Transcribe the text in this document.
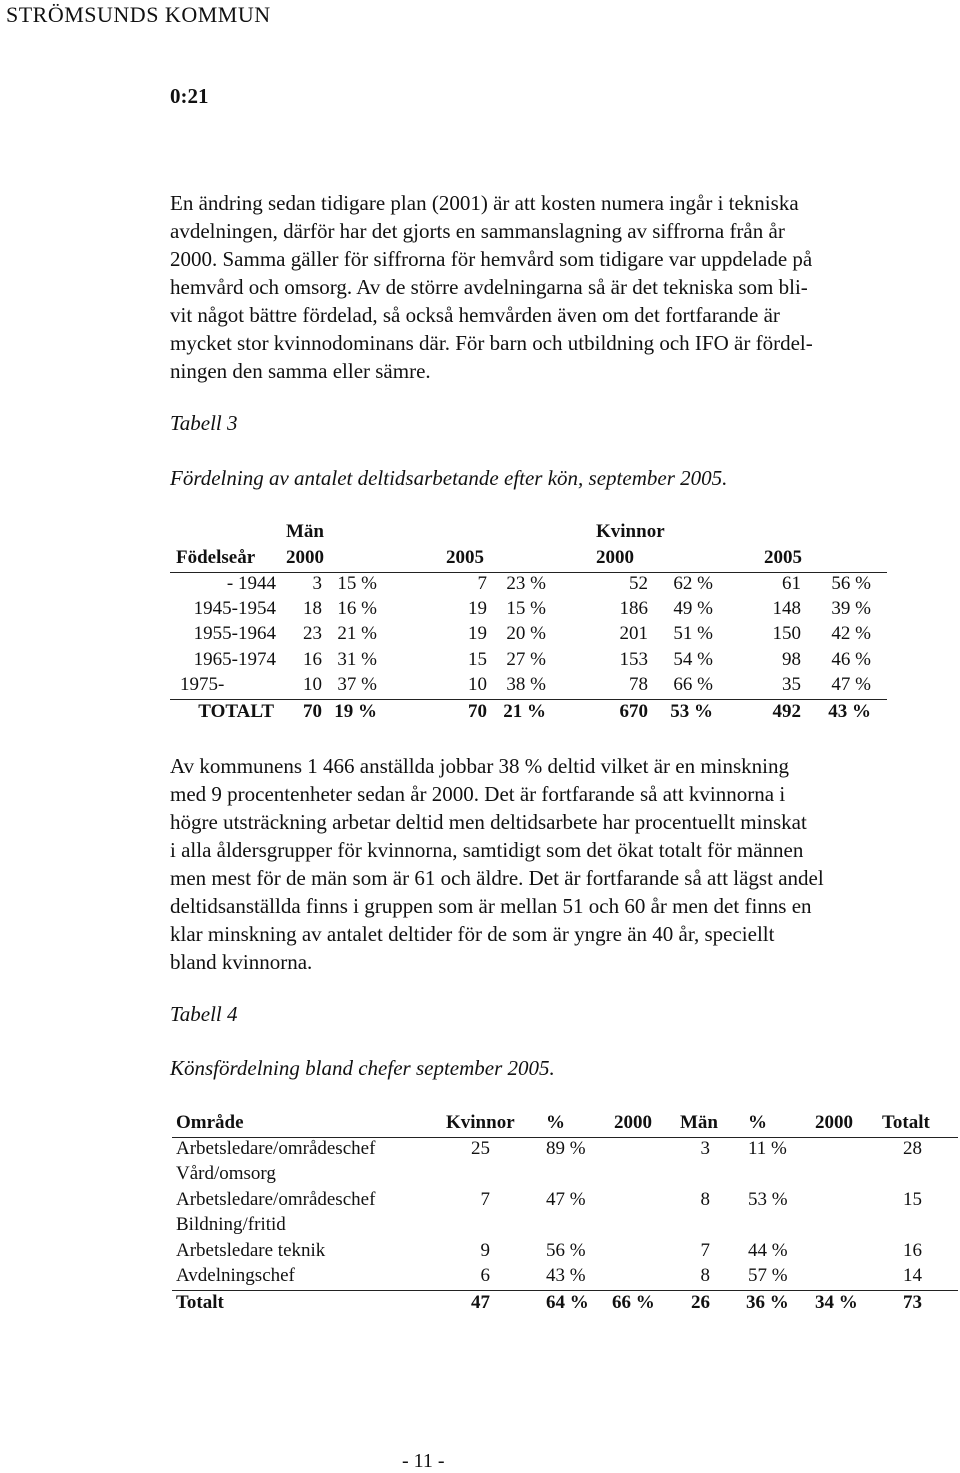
STRÖMSUNDS KOMMUN
0:21
En ändring sedan tidigare plan (2001) är att kosten numera ingår i tekniska
avdelningen, därför har det gjorts en sammanslagning av siffrorna från år
2000. Samma gäller för siffrorna för hemvård som tidigare var uppdelade på
hemvård och omsorg. Av de större avdelningarna så är det tekniska som bli-
vit något bättre fördelad, så också hemvården även om det fortfarande är
mycket stor kvinnodominans där. För barn och utbildning och IFO är fördel-
ningen den samma eller sämre.
Tabell 3
Fördelning av antalet deltidsarbetande efter kön, september 2005.
Män	Kvinnor
Födelseår 2000	2005	2000	2005
- 1944	3 15 %	7	23 %	52	62 %	61	56 %
1945-1954	18 16 %	19	15 %	186	49 %	148	39 %
1955-1964	23 21 %	19	20 %	201	51 %	150	42 %
1965-1974	16 31 %	15	27 %	153	54 %	98	46 %
1975-	10 37 %	10	38 %	78	66 %	35	47 %
TOTALT	70 19 %	70 21 %	670	53 %	492	43 %
Av kommunens 1 466 anställda jobbar 38 % deltid vilket är en minskning
med 9 procentenheter sedan år 2000. Det är fortfarande så att kvinnorna i
högre utsträckning arbetar deltid men deltidsarbete har procentuellt minskat
i alla åldersgrupper för kvinnorna, samtidigt som det ökat totalt för männen
men mest för de män som är 61 och äldre. Det är fortfarande så att lägst andel
deltidsanställda finns i gruppen som är mellan 51 och 60 år men det finns en
klar minskning av antalet deltider för de som är yngre än 40 år, speciellt
bland kvinnorna.
Tabell 4
Könsfördelning bland chefer september 2005.
Område	Kvinnor %	2000 Män %	2000 Totalt
Arbetsledare/områdeschef	25	89 %	3 11 %	28
Vård/omsorg
Arbetsledare/områdeschef	7	47 %	8 53 %	15
Bildning/fritid
Arbetsledare teknik	9	56 %	7 44 %	16
Avdelningschef	6	43 %	8 57 %	14
Totalt	47	64 % 66 %	26 36 % 34 %	73
- 11 -
